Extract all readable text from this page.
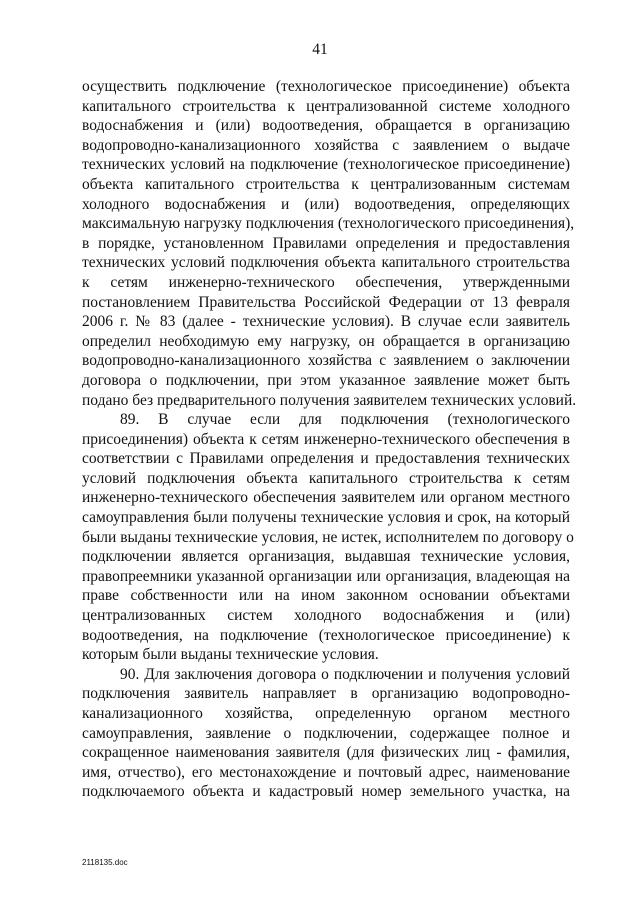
41
осуществить подключение (технологическое присоединение) объекта
капитального строительства к централизованной системе холодного
водоснабжения и (или) водоотведения, обращается в организацию
водопроводно-канализационного хозяйства с заявлением о выдаче
технических условий на подключение (технологическое присоединение)
объекта капитального строительства к централизованным системам
холодного водоснабжения и (или) водоотведения, определяющих
максимальную нагрузку подключения (технологического присоединения),
в порядке, установленном Правилами определения и предоставления
технических условий подключения объекта капитального строительства
к сетям инженерно-технического обеспечения, утвержденными
постановлением Правительства Российской Федерации от 13 февраля
2006 г. № 83 (далее - технические условия). В случае если заявитель
определил необходимую ему нагрузку, он обращается в организацию
водопроводно-канализационного хозяйства с заявлением о заключении
договора о подключении, при этом указанное заявление может быть
подано без предварительного получения заявителем технических условий.
89. В случае если для подключения (технологического
присоединения) объекта к сетям инженерно-технического обеспечения в
соответствии с Правилами определения и предоставления технических
условий подключения объекта капитального строительства к сетям
инженерно-технического обеспечения заявителем или органом местного
самоуправления были получены технические условия и срок, на который
были выданы технические условия, не истек, исполнителем по договору о
подключении является организация, выдавшая технические условия,
правопреемники указанной организации или организация, владеющая на
праве собственности или на ином законном основании объектами
централизованных систем холодного водоснабжения и (или)
водоотведения, на подключение (технологическое присоединение) к
которым были выданы технические условия.
90. Для заключения договора о подключении и получения условий
подключения заявитель направляет в организацию водопроводно-
канализационного хозяйства, определенную органом местного
самоуправления, заявление о подключении, содержащее полное и
сокращенное наименования заявителя (для физических лиц - фамилия,
имя, отчество), его местонахождение и почтовый адрес, наименование
подключаемого объекта и кадастровый номер земельного участка, на
2118135.doc
